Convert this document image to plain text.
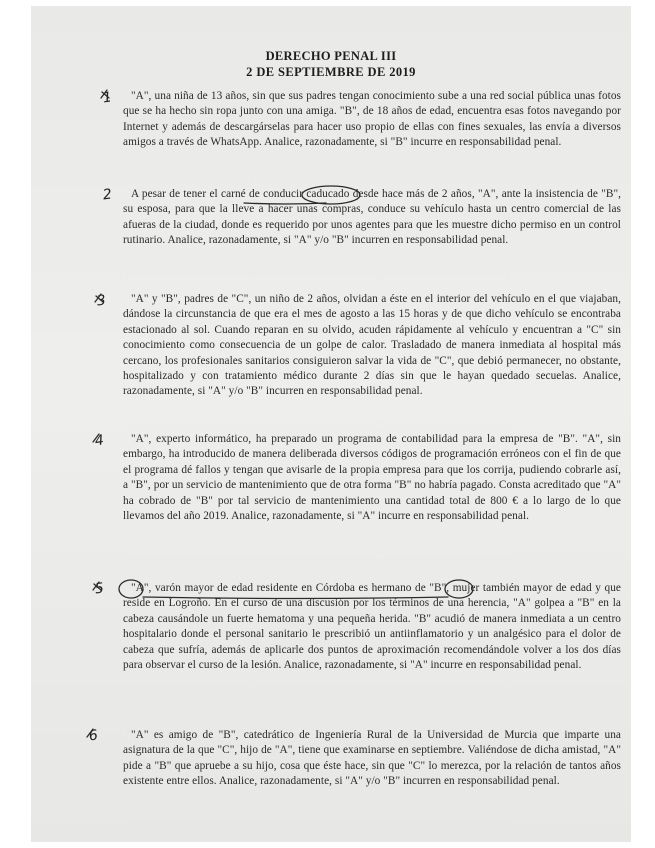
DERECHO PENAL III
2 DE SEPTIEMBRE DE 2019
1
2
3
4
5
6

"A", una niña de 13 años, sin que sus padres tengan conocimiento sube a una red social pública unas fotos que se ha hecho sin ropa junto con una amiga. "B", de 18 años de edad, encuentra esas fotos navegando por Internet y además de descargárselas para hacer uso propio de ellas con fines sexuales, las envía a diversos amigos a través de WhatsApp. Analice, razonadamente, si "B" incurre en responsabilidad penal.

A pesar de tener el carné de conducir caducado desde hace más de 2 años, "A", ante la insistencia de "B", su esposa, para que la lleve a hacer unas compras, conduce su vehículo hasta un centro comercial de las afueras de la ciudad, donde es requerido por unos agentes para que les muestre dicho permiso en un control rutinario. Analice, razonadamente, si "A" y/o "B" incurren en responsabilidad penal.

"A" y "B", padres de "C", un niño de 2 años, olvidan a éste en el interior del vehículo en el que viajaban, dándose la circunstancia de que era el mes de agosto a las 15 horas y de que dicho vehículo se encontraba estacionado al sol. Cuando reparan en su olvido, acuden rápidamente al vehículo y encuentran a "C" sin conocimiento como consecuencia de un golpe de calor. Trasladado de manera inmediata al hospital más cercano, los profesionales sanitarios consiguieron salvar la vida de "C", que debió permanecer, no obstante, hospitalizado y con tratamiento médico durante 2 días sin que le hayan quedado secuelas. Analice, razonadamente, si "A" y/o "B" incurren en responsabilidad penal.

"A", experto informático, ha preparado un programa de contabilidad para la empresa de "B". "A", sin embargo, ha introducido de manera deliberada diversos códigos de programación erróneos con el fin de que el programa dé fallos y tengan que avisarle de la propia empresa para que los corrija, pudiendo cobrarle así, a "B", por un servicio de mantenimiento que de otra forma "B" no habría pagado. Consta acreditado que "A" ha cobrado de "B" por tal servicio de mantenimiento una cantidad total de 800 € a lo largo de lo que llevamos del año 2019. Analice, razonadamente, si "A" incurre en responsabilidad penal.

"A", varón mayor de edad residente en Córdoba es hermano de "B", mujer también mayor de edad y que reside en Logroño. En el curso de una discusión por los términos de una herencia, "A" golpea a "B" en la cabeza causándole un fuerte hematoma y una pequeña herida. "B" acudió de manera inmediata a un centro hospitalario donde el personal sanitario le prescribió un antiinflamatorio y un analgésico para el dolor de cabeza que sufría, además de aplicarle dos puntos de aproximación recomendándole volver a los dos días para observar el curso de la lesión. Analice, razonadamente, si "A" incurre en responsabilidad penal.

"A" es amigo de "B", catedrático de Ingeniería Rural de la Universidad de Murcia que imparte una asignatura de la que "C", hijo de "A", tiene que examinarse en septiembre. Valiéndose de dicha amistad, "A" pide a "B" que apruebe a su hijo, cosa que éste hace, sin que "C" lo merezca, por la relación de tantos años existente entre ellos. Analice, razonadamente, si "A" y/o "B" incurren en responsabilidad penal.
